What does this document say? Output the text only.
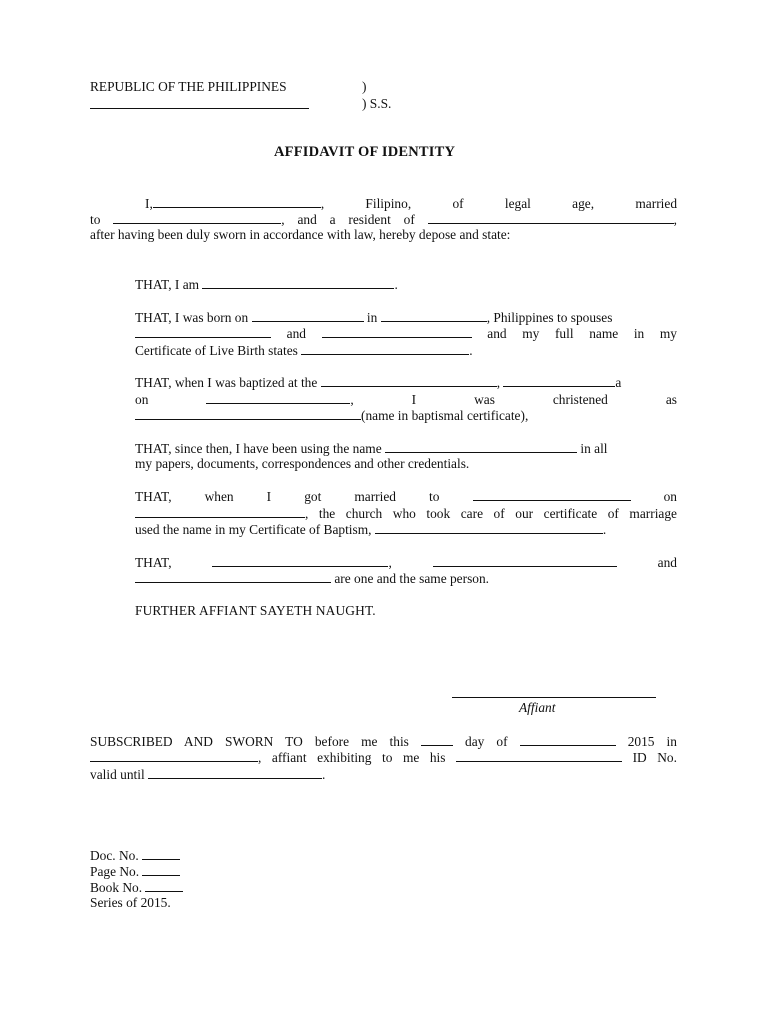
REPUBLIC OF THE PHILIPPINES	)
) S.S.
AFFIDAVIT OF IDENTITY
I,	, Filipino,	of	legal	age,	married
to	, and a resident of	,
after having been duly sworn in accordance with law, hereby depose and state:
THAT, I am	.
THAT, I was born on	in	, Philippines to spouses
and	and my full name in my
Certificate of Live Birth states	.
THAT, when I was baptized at the	,	a
on	, I was christened as
(name in baptismal certificate),
THAT, since then, I have been using the name	in all
my papers, documents, correspondences and other credentials.
THAT, when I got married to	on
, the church who took care of our certificate of marriage
used the name in my Certificate of Baptism,	.
THAT,	,	and
are one and the same person.
FURTHER AFFIANT SAYETH NAUGHT.
Affiant
SUBSCRIBED AND SWORN TO before me this	day of	2015 in
, affiant exhibiting to me his	ID No.
valid until	.
Doc. No.
Page No.
Book No.
Series of 2015.
